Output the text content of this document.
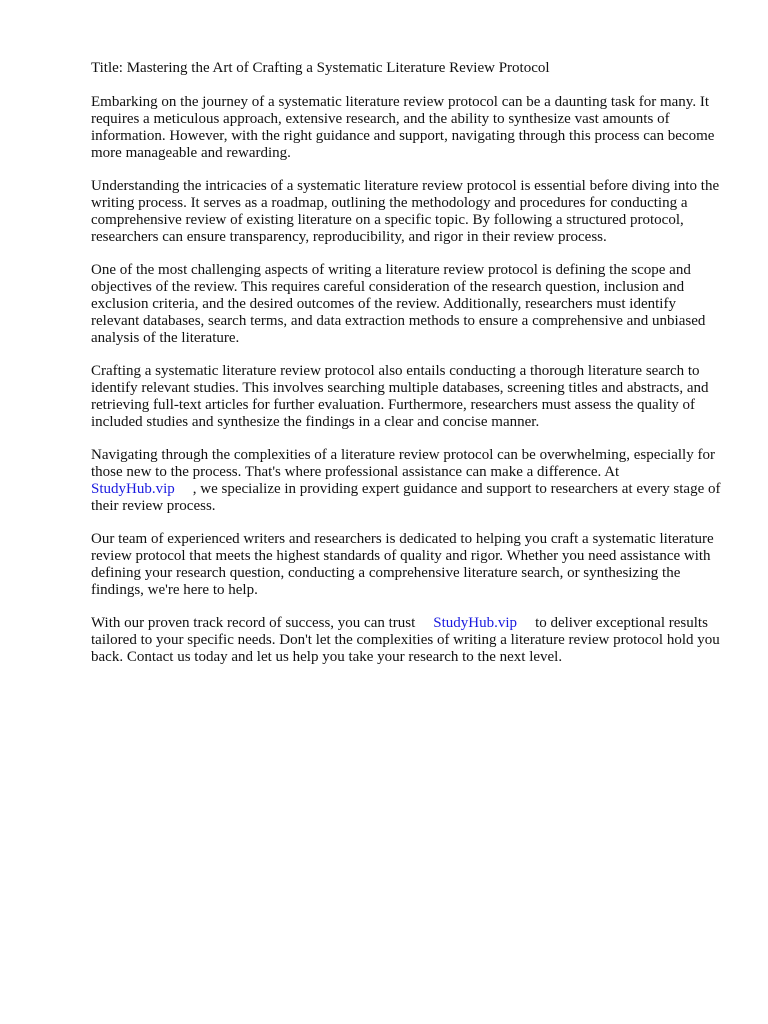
Title: Mastering the Art of Crafting a Systematic Literature Review Protocol

Embarking on the journey of a systematic literature review protocol can be a daunting task for many. It requires a meticulous approach, extensive research, and the ability to synthesize vast amounts of information. However, with the right guidance and support, navigating through this process can become more manageable and rewarding.

Understanding the intricacies of a systematic literature review protocol is essential before diving into the writing process. It serves as a roadmap, outlining the methodology and procedures for conducting a comprehensive review of existing literature on a specific topic. By following a structured protocol, researchers can ensure transparency, reproducibility, and rigor in their review process.

One of the most challenging aspects of writing a literature review protocol is defining the scope and objectives of the review. This requires careful consideration of the research question, inclusion and exclusion criteria, and the desired outcomes of the review. Additionally, researchers must identify relevant databases, search terms, and data extraction methods to ensure a comprehensive and unbiased analysis of the literature.

Crafting a systematic literature review protocol also entails conducting a thorough literature search to identify relevant studies. This involves searching multiple databases, screening titles and abstracts, and retrieving full-text articles for further evaluation. Furthermore, researchers must assess the quality of included studies and synthesize the findings in a clear and concise manner.

Navigating through the complexities of a literature review protocol can be overwhelming, especially for those new to the process. That's where professional assistance can make a difference. At
StudyHub.vip , we specialize in providing expert guidance and support to researchers at every stage of their review process.

Our team of experienced writers and researchers is dedicated to helping you craft a systematic literature review protocol that meets the highest standards of quality and rigor. Whether you need assistance with defining your research question, conducting a comprehensive literature search, or synthesizing the findings, we're here to help.

With our proven track record of success, you can trust StudyHub.vip to deliver exceptional results tailored to your specific needs. Don't let the complexities of writing a literature review protocol hold you back. Contact us today and let us help you take your research to the next level.
